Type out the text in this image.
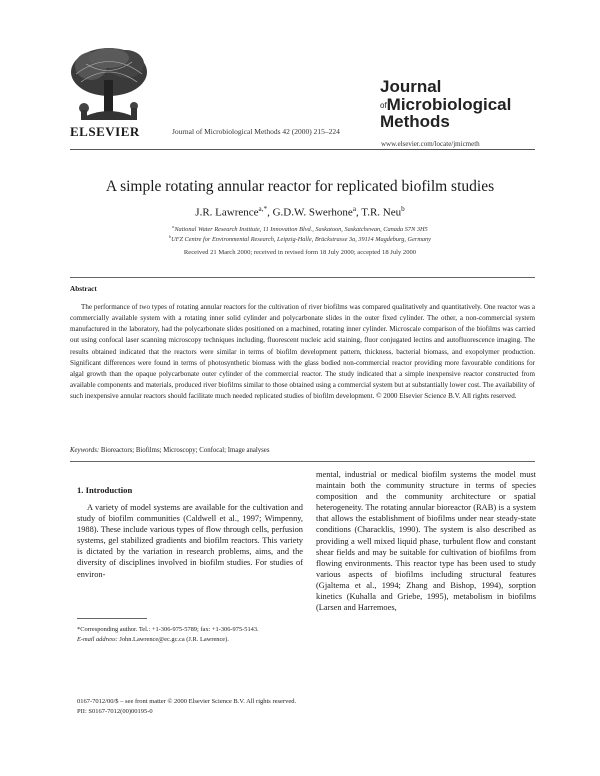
ELSEVIER	Journal of Microbiological Methods 42 (2000) 215–224
Journal
$^{of}$Microbiological
Methods
www.elsevier.com/locate/jmicmeth
A simple rotating annular reactor for replicated biofilm studies
J.R. Lawrence$^{a,*}$, G.D.W. Swerhone$^a$, T.R. Neu$^b$
$^a$National Water Research Institute, 11 Innovation Blvd., Saskatoon, Saskatchewan, Canada S7N 3H5
$^b$UFZ Centre for Environmental Research, Leipzig-Halle, Brückstrasse 3a, 39114 Magdeburg, Germany
Received 21 March 2000; received in revised form 18 July 2000; accepted 18 July 2000
Abstract
The performance of two types of rotating annular reactors for the cultivation of river biofilms was compared qualitatively and quantitatively. One reactor was a commercially available system with a rotating inner solid cylinder and polycarbonate slides in the outer fixed cylinder. The other, a non-commercial system manufactured in the laboratory, had the polycarbonate slides positioned on a machined, rotating inner cylinder. Microscale comparison of the biofilms was carried out using confocal laser scanning microscopy techniques including, fluorescent nucleic acid staining, fluor conjugated lectins and autofluorescence imaging. The results obtained indicated that the reactors were similar in terms of biofilm development pattern, thickness, bacterial biomass, and exopolymer production. Significant differences were found in terms of photosynthetic biomass with the glass bodied non-commercial reactor providing more favourable conditions for algal growth than the opaque polycarbonate outer cylinder of the commercial reactor. The study indicated that a simple inexpensive reactor constructed from available components and materials, produced river biofilms similar to those obtained using a commercial system but at substantially lower cost. The availability of such inexpensive annular reactors should facilitate much needed replicated studies of biofilm development. © 2000 Elsevier Science B.V. All rights reserved.
Keywords: Bioreactors; Biofilms; Microscopy; Confocal; Image analyses
1. Introduction
A variety of model systems are available for the cultivation and study of biofilm communities (Caldwell et al., 1997; Wimpenny, 1988). These include various types of flow through cells, perfusion systems, gel stabilized gradients and biofilm reactors. This variety is dictated by the variation in research problems, aims, and the diversity of disciplines involved in biofilm studies. For studies of environ-
mental, industrial or medical biofilm systems the model must maintain both the community structure in terms of species composition and the community architecture or spatial heterogeneity. The rotating annular bioreactor (RAB) is a system that allows the establishment of biofilms under near steady-state conditions (Characklis, 1990). The system is also described as providing a well mixed liquid phase, turbulent flow and constant shear fields and may be suitable for cultivation of biofilms from flowing environments. This reactor type has been used to study various aspects of biofilms including structural features (Gjaltema et al., 1994; Zhang and Bishop, 1994), sorption kinetics (Kuhalla and Griebe, 1995), metabolism in biofilms (Larsen and Harremoes,
*Corresponding author. Tel.: +1-306-975-5789; fax: +1-306-975-5143.
E-mail address: John.Lawrence@ec.gc.ca (J.R. Lawrence).
0167-7012/00/$ – see front matter © 2000 Elsevier Science B.V. All rights reserved.
PII: S0167-7012(00)00195-0
